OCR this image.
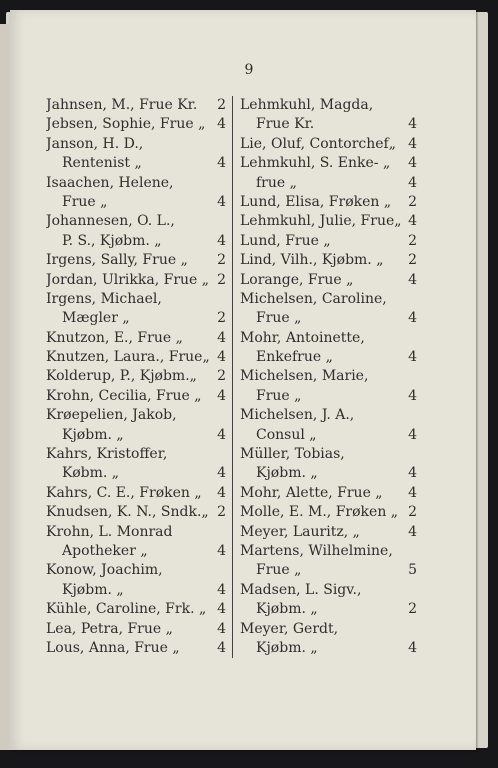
9
Jahnsen, M., Frue Kr. 2
Jebsen, Sophie, Frue „ 4
Janson, H. D.,
Rentenist „	4
Isaachen, Helene,
Frue „	4
Johannesen, O. L.,
P. S., Kjøbm. „	4
Irgens, Sally, Frue „ 2
Jordan, Ulrikka, Frue „ 2
Irgens, Michael,
Mægler „	2
Knutzon, E., Frue „ 4
Knutzen, Laura., Frue„ 4
Kolderup, P., Kjøbm.„ 2
Krohn, Cecilia, Frue „ 4
Krøepelien, Jakob,
Kjøbm. „	4
Kahrs, Kristoffer,
Købm. „	4
Kahrs, C. E., Frøken „ 4
Knudsen, K. N., Sndk.„ 2
Krohn, L. Monrad
Apotheker „	4
Konow, Joachim,
Kjøbm. „	4
Kühle, Caroline, Frk. „ 4
Lea, Petra, Frue „	4
Lous, Anna, Frue „	4
Lehmkuhl, Magda,
Frue Kr.	4
Lie, Oluf, Contorchef„ 4
Lehmkuhl, S. Enke- „ 4
frue „	4
Lund, Elisa, Frøken „ 2
Lehmkuhl, Julie, Frue„ 4
Lund, Frue „	2
Lind, Vilh., Kjøbm. „ 2
Lorange, Frue „	4
Michelsen, Caroline,
Frue „	4
Mohr, Antoinette,
Enkefrue „	4
Michelsen, Marie,
Frue „	4
Michelsen, J. A.,
Consul „	4
Müller, Tobias,
Kjøbm. „	4
Mohr, Alette, Frue „ 4
Molle, E. M., Frøken „ 2
Meyer, Lauritz, „	4
Martens, Wilhelmine,
Frue „	5
Madsen, L. Sigv.,
Kjøbm. „	2
Meyer, Gerdt,
Kjøbm. „	4
